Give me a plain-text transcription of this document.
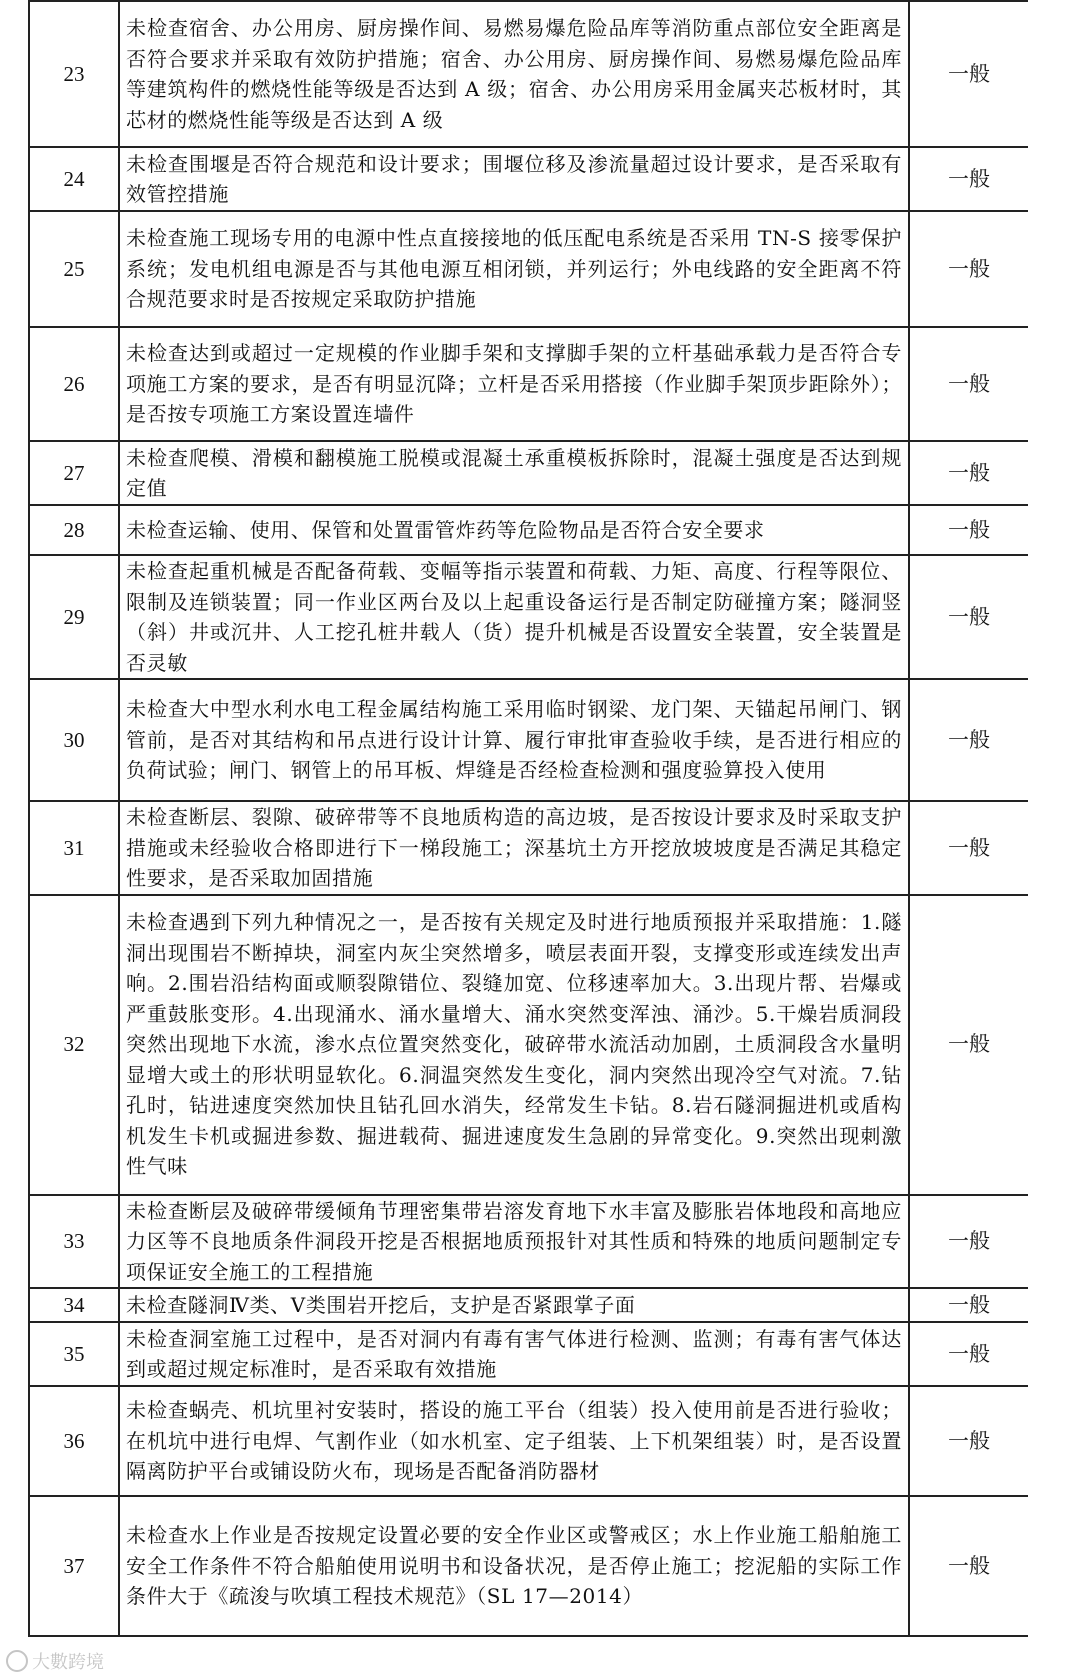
23	未检查宿舍、办公用房、厨房操作间、易燃易爆危险品库等消防重点部位安全距离是否符合要求并采取有效防护措施；宿舍、办公用房、厨房操作间、易燃易爆危险品库等建筑构件的燃烧性能等级是否达到 A 级；宿舍、办公用房采用金属夹芯板材时，其芯材的燃烧性能等级是否达到 A 级	一般
24	未检查围堰是否符合规范和设计要求；围堰位移及渗流量超过设计要求，是否采取有效管控措施	一般
25	未检查施工现场专用的电源中性点直接接地的低压配电系统是否采用 TN-S 接零保护系统；发电机组电源是否与其他电源互相闭锁，并列运行；外电线路的安全距离不符合规范要求时是否按规定采取防护措施	一般
26	未检查达到或超过一定规模的作业脚手架和支撑脚手架的立杆基础承载力是否符合专项施工方案的要求，是否有明显沉降；立杆是否采用搭接（作业脚手架顶步距除外）；是否按专项施工方案设置连墙件	一般
27	未检查爬模、滑模和翻模施工脱模或混凝土承重模板拆除时，混凝土强度是否达到规定值	一般
28	未检查运输、使用、保管和处置雷管炸药等危险物品是否符合安全要求	一般
29	未检查起重机械是否配备荷载、变幅等指示装置和荷载、力矩、高度、行程等限位、限制及连锁装置；同一作业区两台及以上起重设备运行是否制定防碰撞方案；隧洞竖（斜）井或沉井、人工挖孔桩井载人（货）提升机械是否设置安全装置，安全装置是否灵敏	一般
30	未检查大中型水利水电工程金属结构施工采用临时钢梁、龙门架、天锚起吊闸门、钢管前，是否对其结构和吊点进行设计计算、履行审批审查验收手续，是否进行相应的负荷试验；闸门、钢管上的吊耳板、焊缝是否经检查检测和强度验算投入使用	一般
31	未检查断层、裂隙、破碎带等不良地质构造的高边坡，是否按设计要求及时采取支护措施或未经验收合格即进行下一梯段施工；深基坑土方开挖放坡坡度是否满足其稳定性要求，是否采取加固措施	一般
32	未检查遇到下列九种情况之一，是否按有关规定及时进行地质预报并采取措施：1.隧洞出现围岩不断掉块，洞室内灰尘突然增多，喷层表面开裂，支撑变形或连续发出声响。2.围岩沿结构面或顺裂隙错位、裂缝加宽、位移速率加大。3.出现片帮、岩爆或严重鼓胀变形。4.出现涌水、涌水量增大、涌水突然变浑浊、涌沙。5.干燥岩质洞段突然出现地下水流，渗水点位置突然变化，破碎带水流活动加剧，土质洞段含水量明显增大或土的形状明显软化。6.洞温突然发生变化，洞内突然出现冷空气对流。7.钻孔时，钻进速度突然加快且钻孔回水消失，经常发生卡钻。8.岩石隧洞掘进机或盾构机发生卡机或掘进参数、掘进载荷、掘进速度发生急剧的异常变化。9.突然出现刺激性气味	一般
33	未检查断层及破碎带缓倾角节理密集带岩溶发育地下水丰富及膨胀岩体地段和高地应力区等不良地质条件洞段开挖是否根据地质预报针对其性质和特殊的地质问题制定专项保证安全施工的工程措施	一般
34	未检查隧洞Ⅳ类、Ⅴ类围岩开挖后，支护是否紧跟掌子面	一般
35	未检查洞室施工过程中，是否对洞内有毒有害气体进行检测、监测；有毒有害气体达到或超过规定标准时，是否采取有效措施	一般
36	未检查蜗壳、机坑里衬安装时，搭设的施工平台（组装）投入使用前是否进行验收；在机坑中进行电焊、气割作业（如水机室、定子组装、上下机架组装）时，是否设置隔离防护平台或铺设防火布，现场是否配备消防器材	一般
37	未检查水上作业是否按规定设置必要的安全作业区或警戒区；水上作业施工船舶施工安全工作条件不符合船舶使用说明书和设备状况，是否停止施工；挖泥船的实际工作条件大于《疏浚与吹填工程技术规范》（SL 17—2014）	一般
大數跨境
